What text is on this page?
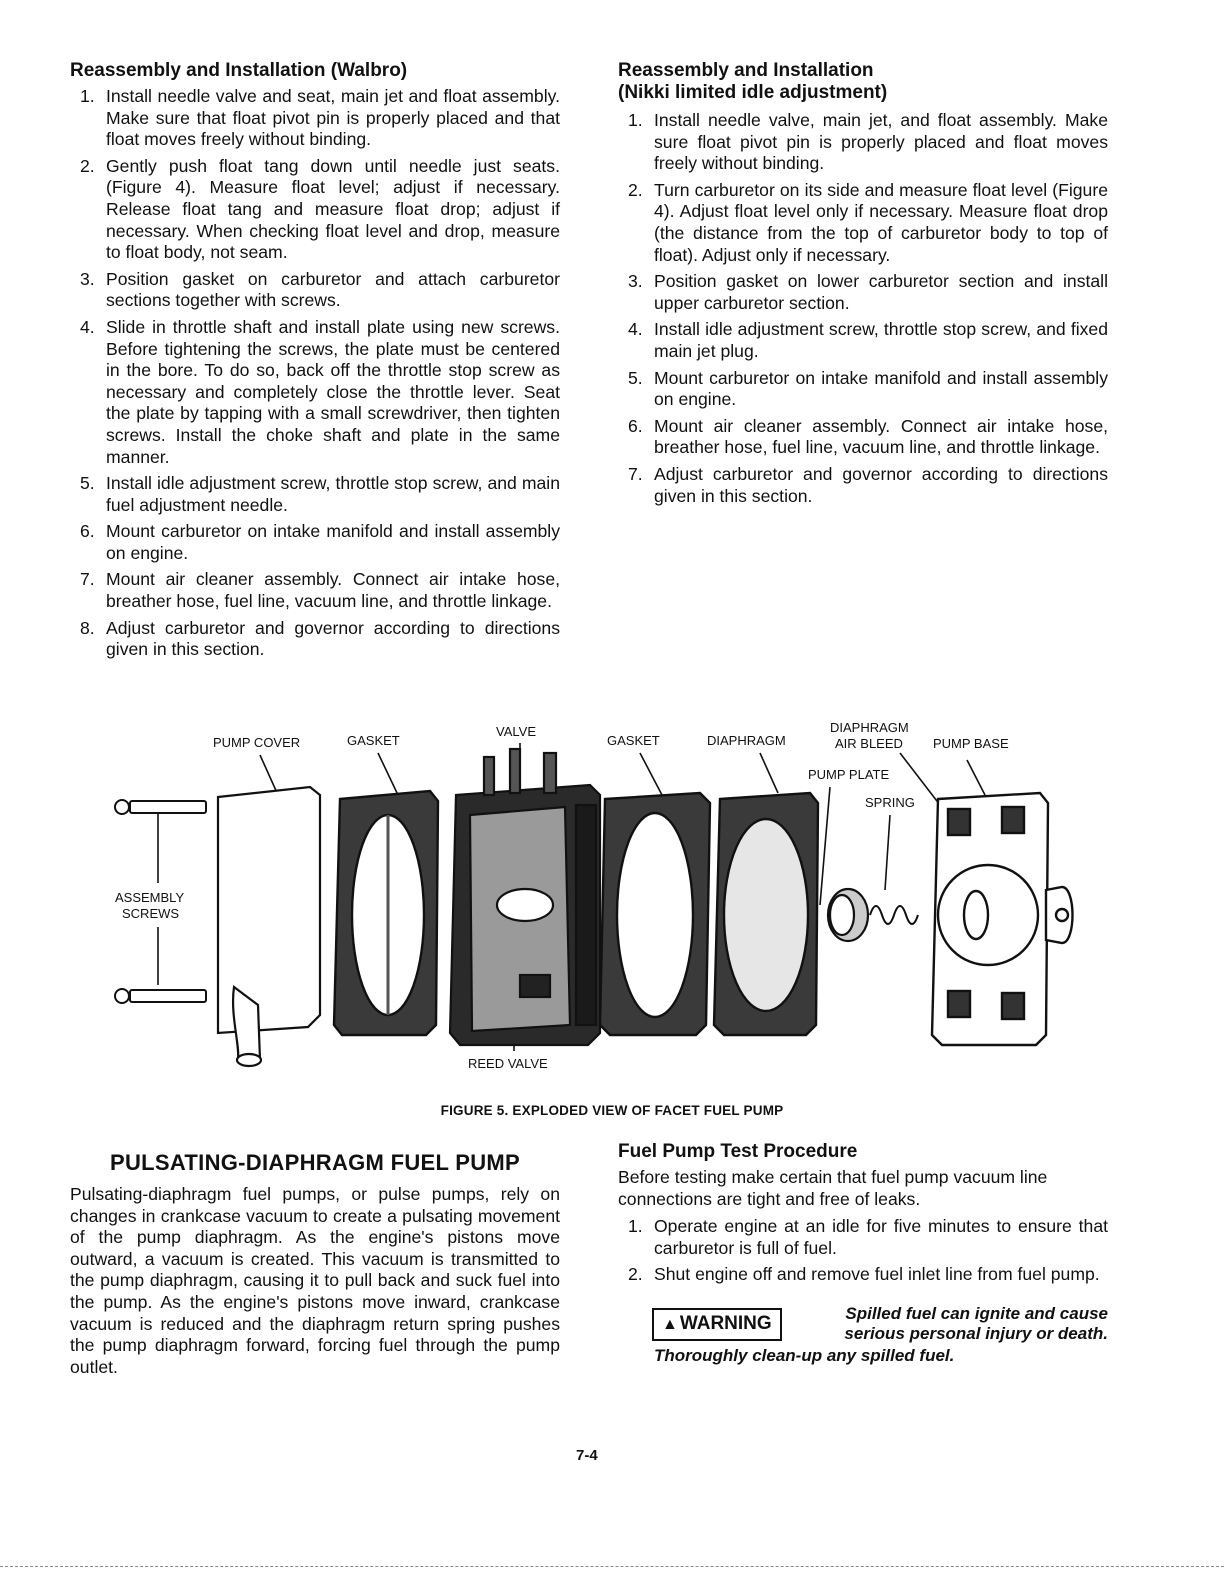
Reassembly and Installation (Walbro)
1. Install needle valve and seat, main jet and float assembly. Make sure that float pivot pin is properly placed and that float moves freely without binding.
2. Gently push float tang down until needle just seats. (Figure 4). Measure float level; adjust if necessary. Release float tang and measure float drop; adjust if necessary. When checking float level and drop, measure to float body, not seam.
3. Position gasket on carburetor and attach carburetor sections together with screws.
4. Slide in throttle shaft and install plate using new screws. Before tightening the screws, the plate must be centered in the bore. To do so, back off the throttle stop screw as necessary and completely close the throttle lever. Seat the plate by tapping with a small screwdriver, then tighten screws. Install the choke shaft and plate in the same manner.
5. Install idle adjustment screw, throttle stop screw, and main fuel adjustment needle.
6. Mount carburetor on intake manifold and install assembly on engine.
7. Mount air cleaner assembly. Connect air intake hose, breather hose, fuel line, vacuum line, and throttle linkage.
8. Adjust carburetor and governor according to directions given in this section.
Reassembly and Installation
(Nikki limited idle adjustment)
1. Install needle valve, main jet, and float assembly. Make sure float pivot pin is properly placed and float moves freely without binding.
2. Turn carburetor on its side and measure float level (Figure 4). Adjust float level only if necessary. Measure float drop (the distance from the top of carburetor body to top of float). Adjust only if necessary.
3. Position gasket on lower carburetor section and install upper carburetor section.
4. Install idle adjustment screw, throttle stop screw, and fixed main jet plug.
5. Mount carburetor on intake manifold and install assembly on engine.
6. Mount air cleaner assembly. Connect air intake hose, breather hose, fuel line, vacuum line, and throttle linkage.
7. Adjust carburetor and governor according to directions given in this section.
PUMP COVER	GASKET
VALVE
GASKET	DIAPHRAGM
DIAPHRAGM
AIR BLEED PUMP BASE
PUMP PLATE
SPRING
ASSEMBLY
SCREWS
REED VALVE
FIGURE 5. EXPLODED VIEW OF FACET FUEL PUMP
PULSATING-DIAPHRAGM FUEL PUMP

Pulsating-diaphragm fuel pumps, or pulse pumps, rely on changes in crankcase vacuum to create a pulsating movement of the pump diaphragm. As the engine's pistons move outward, a vacuum is created. This vacuum is transmitted to the pump diaphragm, causing it to pull back and suck fuel into the pump. As the engine's pistons move inward, crankcase vacuum is reduced and the diaphragm return spring pushes the pump diaphragm forward, forcing fuel through the pump outlet.

Fuel Pump Test Procedure

Before testing make certain that fuel pump vacuum line connections are tight and free of leaks.

1. Operate engine at an idle for five minutes to ensure that carburetor is full of fuel.
2. Shut engine off and remove fuel inlet line from fuel pump.
▲ WARNING	Spilled fuel can ignite and cause
serious personal injury or death.
Thoroughly clean-up any spilled fuel.
7-4
